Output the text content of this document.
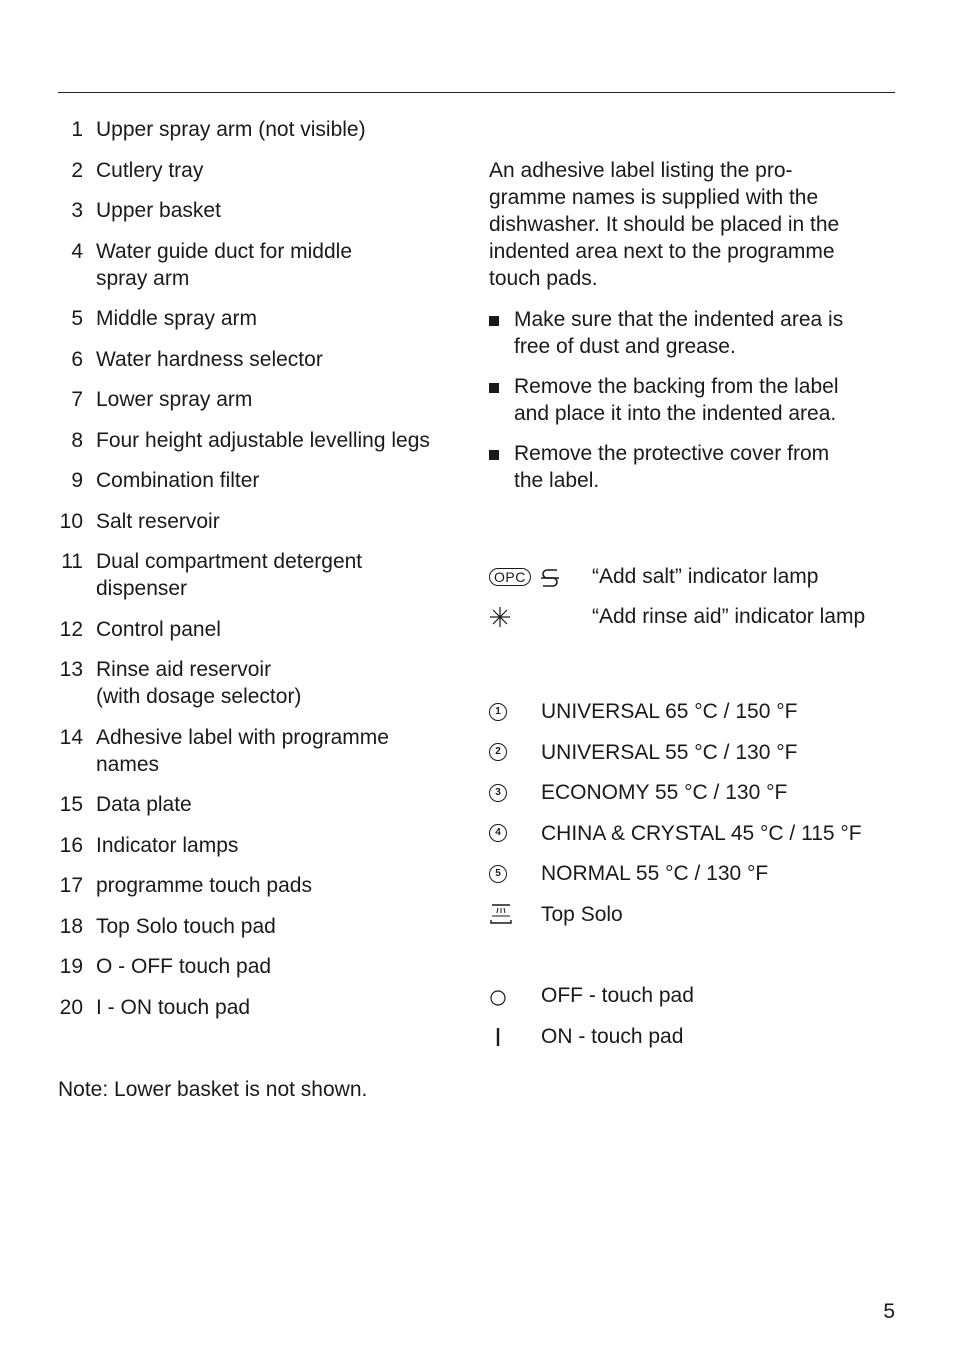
1 Upper spray arm (not visible)
2 Cutlery tray
3 Upper basket
4 Water guide duct for middle
spray arm
5 Middle spray arm
6 Water hardness selector
7 Lower spray arm
8 Four height adjustable levelling legs
9 Combination filter
10 Salt reservoir
11 Dual compartment detergent
dispenser
12 Control panel
13 Rinse aid reservoir
(with dosage selector)
14 Adhesive label with programme
names
15 Data plate
16 Indicator lamps
17 programme touch pads
18 Top Solo touch pad
19 O - OFF touch pad
20 I - ON touch pad
Note: Lower basket is not shown.
An adhesive label listing the pro-
gramme names is supplied with the
dishwasher. It should be placed in the
indented area next to the programme
touch pads.
Make sure that the indented area is
free of dust and grease.
Remove the backing from the label
and place it into the indented area.
Remove the protective cover from
the label.
OPC	“Add salt” indicator lamp
“Add rinse aid” indicator lamp
1 UNIVERSAL 65 °C / 150 °F
2 UNIVERSAL 55 °C / 130 °F
3 ECONOMY 55 °C / 130 °F
4 CHINA & CRYSTAL 45 °C / 115 °F
5 NORMAL 55 °C / 130 °F
Top Solo
OFF - touch pad
ON - touch pad
5
